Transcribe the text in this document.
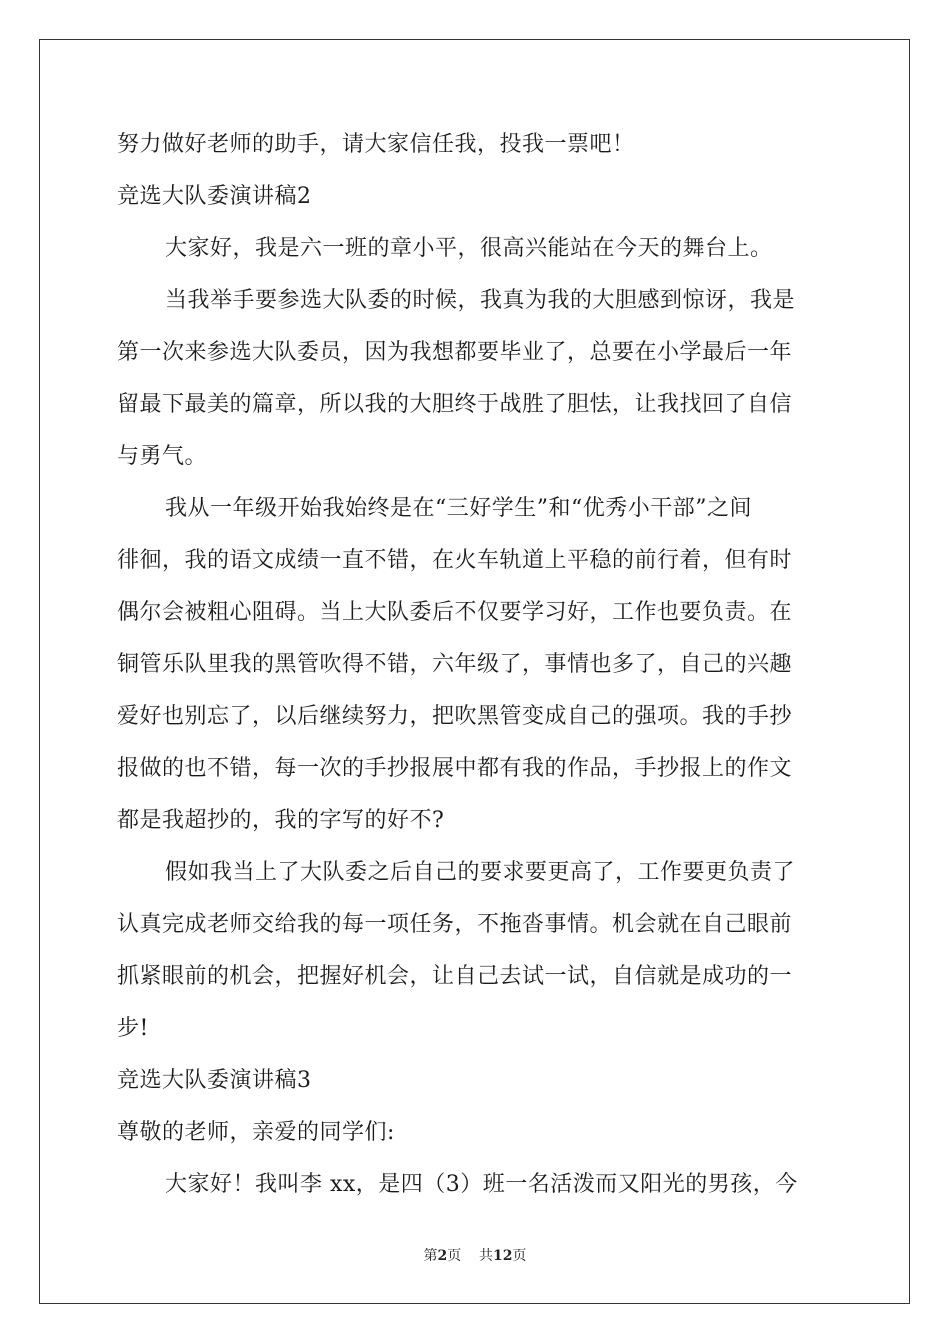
努力做好老师的助手，请大家信任我，投我一票吧！
竞选大队委演讲稿2
大家好，我是六一班的章小平，很高兴能站在今天的舞台上。
当我举手要参选大队委的时候，我真为我的大胆感到惊讶，我是
第一次来参选大队委员，因为我想都要毕业了，总要在小学最后一年
留最下最美的篇章，所以我的大胆终于战胜了胆怯，让我找回了自信
与勇气。
我从一年级开始我始终是在“三好学生”和“优秀小干部”之间
徘徊，我的语文成绩一直不错，在火车轨道上平稳的前行着，但有时
偶尔会被粗心阻碍。当上大队委后不仅要学习好，工作也要负责。在
铜管乐队里我的黑管吹得不错，六年级了，事情也多了，自己的兴趣
爱好也别忘了，以后继续努力，把吹黑管变成自己的强项。我的手抄
报做的也不错，每一次的手抄报展中都有我的作品，手抄报上的作文
都是我超抄的，我的字写的好不?
假如我当上了大队委之后自己的要求要更高了，工作要更负责了
认真完成老师交给我的每一项任务，不拖沓事情。机会就在自己眼前
抓紧眼前的机会，把握好机会，让自己去试一试，自信就是成功的一
步!
竞选大队委演讲稿3
尊敬的老师，亲爱的同学们:
大家好！我叫李 xx，是四（3）班一名活泼而又阳光的男孩，今
第2页 共12页
